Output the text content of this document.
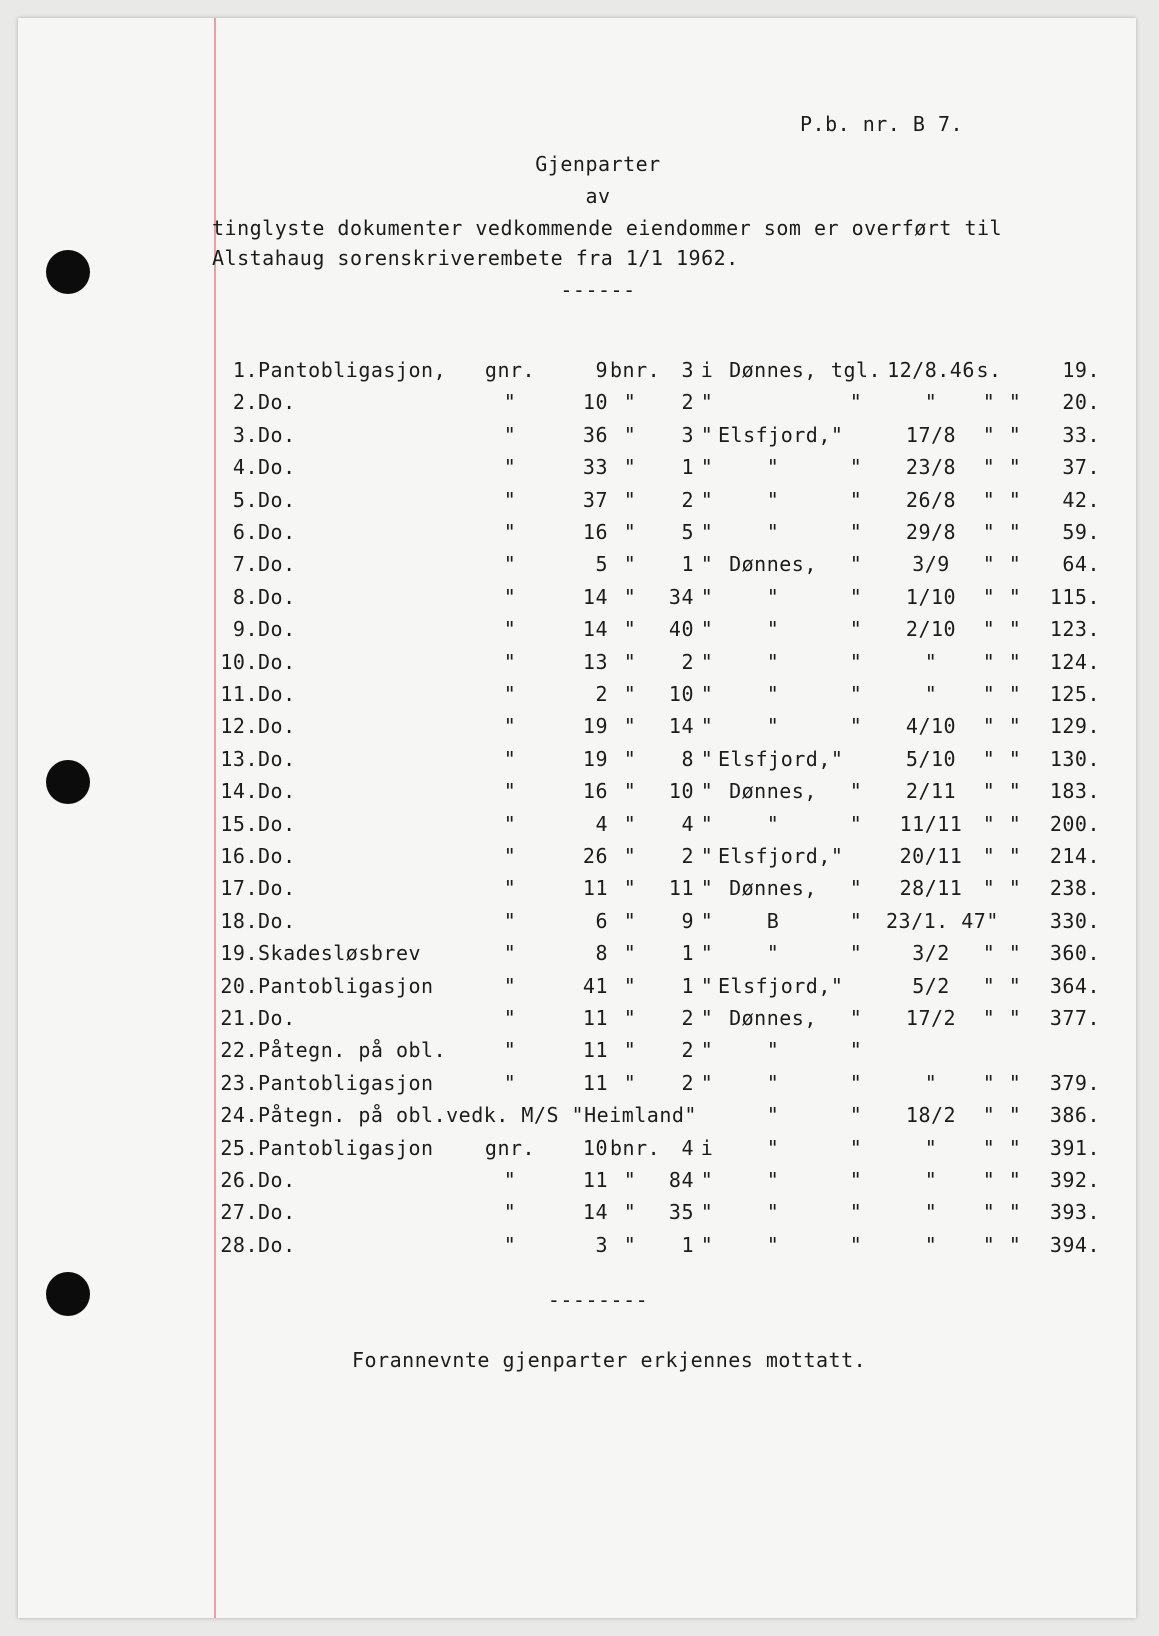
P.b. nr. B 7.
Gjenparter
av
tinglyste dokumenter vedkommende eiendommer som er overført til
Alstahaug sorenskriverembete fra 1/1 1962.
------
1. Pantobligasjon, gnr.	9 bnr.	3 i Dønnes, tgl. 12/8.46 s.	19.
2. Do.	"	10 "	2 "	"	"	" "	20.
3. Do.	"	36 "	3 " Elsfjord,"	17/8	" "	33.
4. Do.	"	33 "	1 "	"	"	23/8	" "	37.
5. Do.	"	37 "	2 "	"	"	26/8	" "	42.
6. Do.	"	16 "	5 "	"	"	29/8	" "	59.
7. Do.	"	5 "	1 " Dønnes,	"	3/9	" "	64.
8. Do.	"	14 "	34 "	"	"	1/10	" "	115.
9. Do.	"	14 "	40 "	"	"	2/10	" "	123.
10. Do.	"	13 "	2 "	"	"	"	" "	124.
11. Do.	"	2 "	10 "	"	"	"	" "	125.
12. Do.	"	19 "	14 "	"	"	4/10	" "	129.
13. Do.	"	19 "	8 " Elsfjord,"	5/10	" "	130.
14. Do.	"	16 "	10 " Dønnes,	"	2/11	" "	183.
15. Do.	"	4 "	4 "	"	"	11/11	" "	200.
16. Do.	"	26 "	2 " Elsfjord,"	20/11	" "	214.
17. Do.	"	11 "	11 " Dønnes,	"	28/11	" "	238.
18. Do.	"	6 "	9 "	B	"	23/1. 47"	330.
19. Skadesløsbrev	"	8 "	1 "	"	"	3/2	" "	360.
20. Pantobligasjon	"	41 "	1 " Elsfjord,"	5/2	" "	364.
21. Do.	"	11 "	2 " Dønnes,	"	17/2	" "	377.
22. Påtegn. på obl.	"	11 "	2 "	"	"
23. Pantobligasjon	"	11 "	2 "	"	"	"	" "	379.
24. Påtegn. på obl.vedk. M/S "Heimland"	"	"	18/2	" "	386.
25. Pantobligasjon	gnr.	10 bnr.	4 i	"	"	"	" "	391.
26. Do.	"	11 "	84 "	"	"	"	" "	392.
27. Do.	"	14 "	35 "	"	"	"	" "	393.
28. Do.	"	3 "	1 "	"	"	"	" "	394.
--------
Forannevnte gjenparter erkjennes mottatt.
